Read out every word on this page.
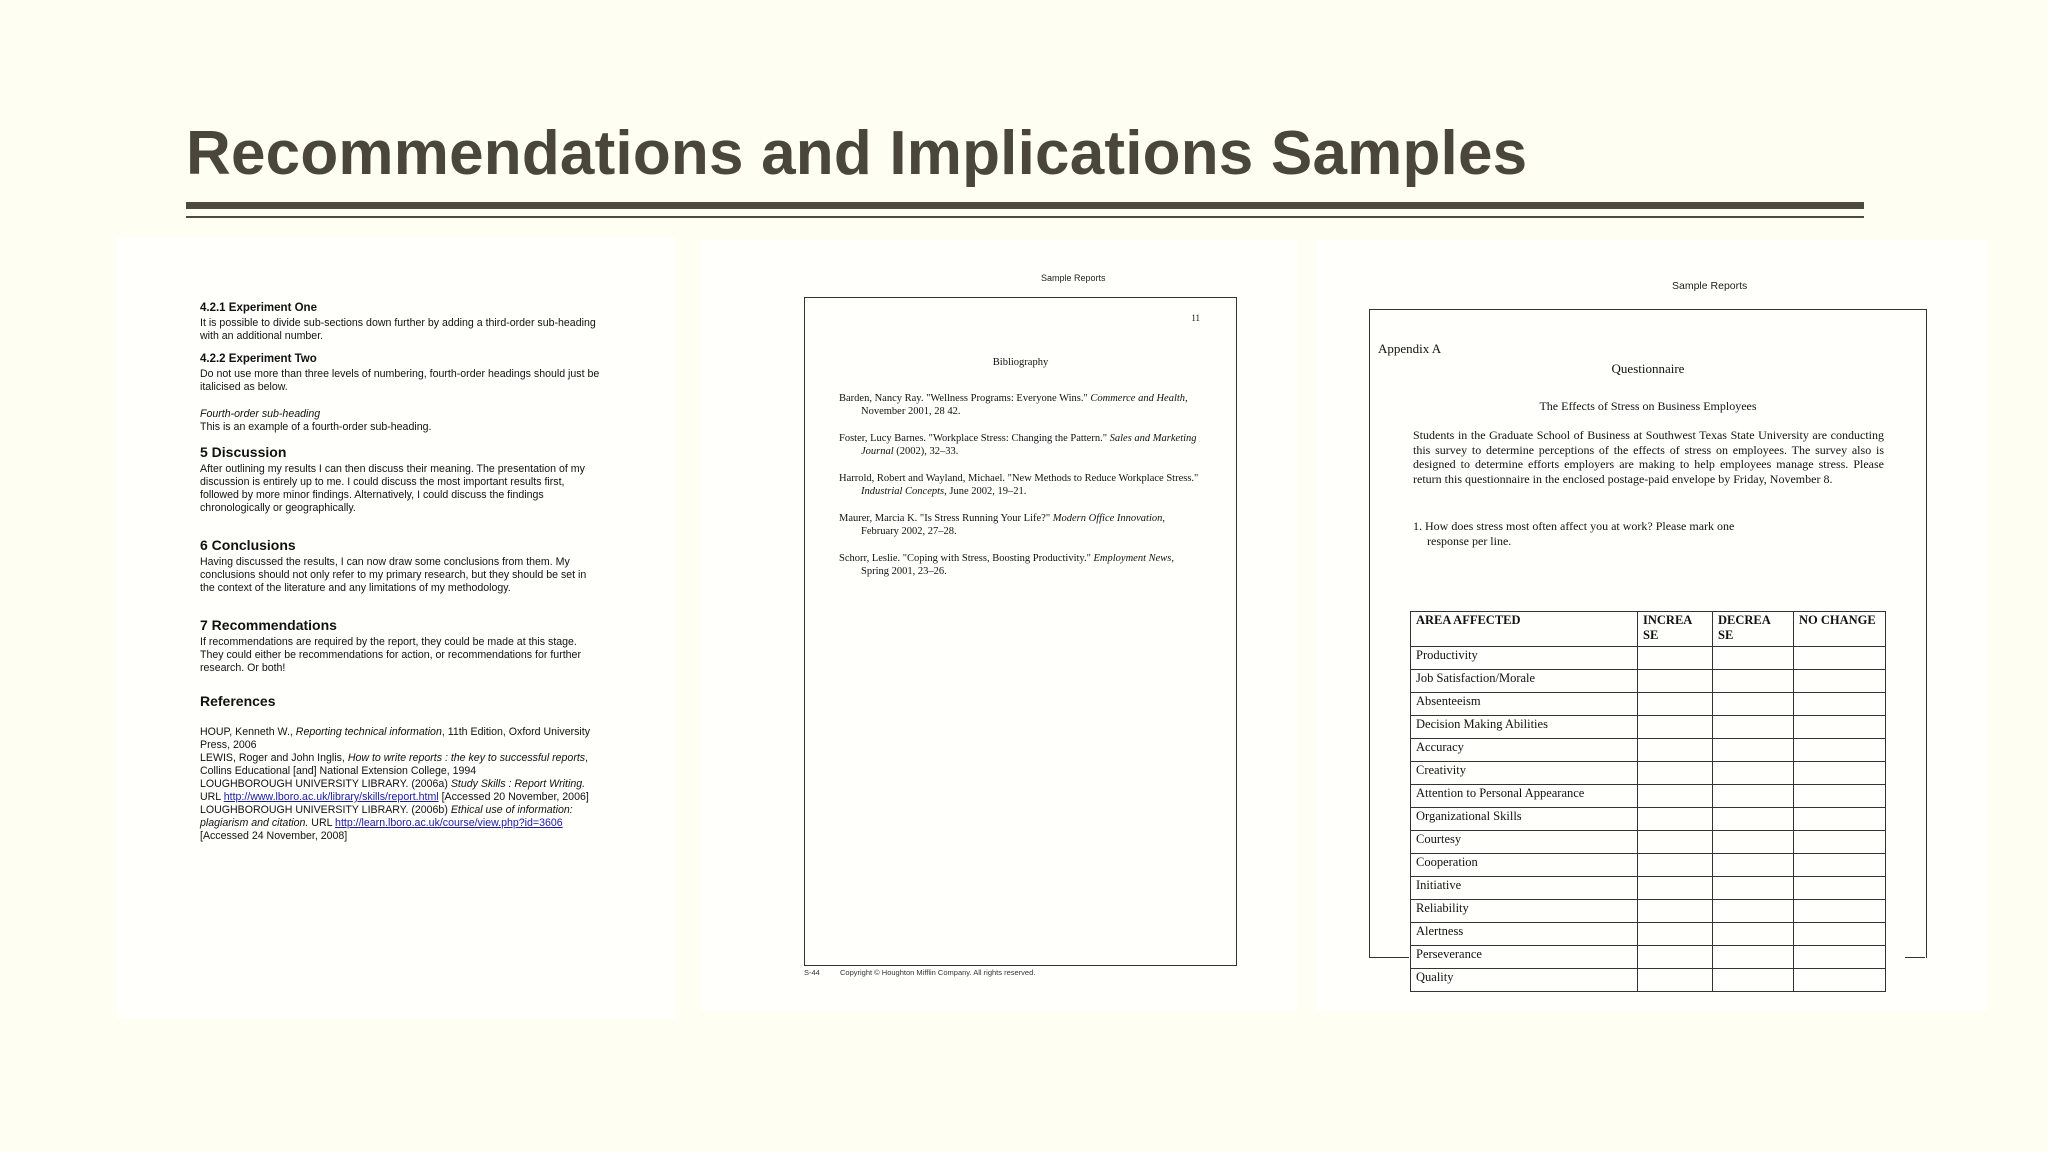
Recommendations and Implications Samples

4.2.1 Experiment One

It is possible to divide sub-sections down further by adding a third-order sub-heading with an additional number.

4.2.2 Experiment Two

Do not use more than three levels of numbering, fourth-order headings should just be italicised as below.

Fourth-order sub-heading

This is an example of a fourth-order sub-heading.

5 Discussion

After outlining my results I can then discuss their meaning. The presentation of my discussion is entirely up to me. I could discuss the most important results first, followed by more minor findings. Alternatively, I could discuss the findings chronologically or geographically.

6 Conclusions

Having discussed the results, I can now draw some conclusions from them. My conclusions should not only refer to my primary research, but they should be set in the context of the literature and any limitations of my methodology.

7 Recommendations

If recommendations are required by the report, they could be made at this stage. They could either be recommendations for action, or recommendations for further research. Or both!

References

HOUP, Kenneth W., Reporting technical information, 11th Edition, Oxford University Press, 2006

LEWIS, Roger and John Inglis, How to write reports : the key to successful reports, Collins Educational [and] National Extension College, 1994

LOUGHBOROUGH UNIVERSITY LIBRARY. (2006a) Study Skills : Report Writing. URL http://www.lboro.ac.uk/library/skills/report.html [Accessed 20 November, 2006]

LOUGHBOROUGH UNIVERSITY LIBRARY. (2006b) Ethical use of information: plagiarism and citation. URL http://learn.lboro.ac.uk/course/view.php?id=3606 [Accessed 24 November, 2008]

Sample Reports
11
Bibliography

Barden, Nancy Ray. "Wellness Programs: Everyone Wins." Commerce and Health, November 2001, 28 42.

Foster, Lucy Barnes. "Workplace Stress: Changing the Pattern." Sales and Marketing Journal (2002), 32–33.

Harrold, Robert and Wayland, Michael. "New Methods to Reduce Workplace Stress." Industrial Concepts, June 2002, 19–21.

Maurer, Marcia K. "Is Stress Running Your Life?" Modern Office Innovation, February 2002, 27–28.

Schorr, Leslie. "Coping with Stress, Boosting Productivity." Employment News, Spring 2001, 23–26.

S-44	Copyright © Houghton Mifflin Company. All rights reserved.
Sample Reports
Appendix A
Questionnaire
The Effects of Stress on Business Employees
Students in the Graduate School of Business at Southwest Texas State University are conducting this survey to determine perceptions of the effects of stress on employees. The survey also is designed to determine efforts employers are making to help employees manage stress. Please return this questionnaire in the enclosed postage-paid envelope by Friday, November 8.
1. How does stress most often affect you at work? Please mark one response per line.
AREA AFFECTED	INCREA SE	DECREA SE	NO CHANGE
Productivity			
Job Satisfaction/Morale			
Absenteeism			
Decision Making Abilities			
Accuracy			
Creativity			
Attention to Personal Appearance			
Organizational Skills			
Courtesy			
Cooperation			
Initiative			
Reliability			
Alertness			
Perseverance			
Quality			
